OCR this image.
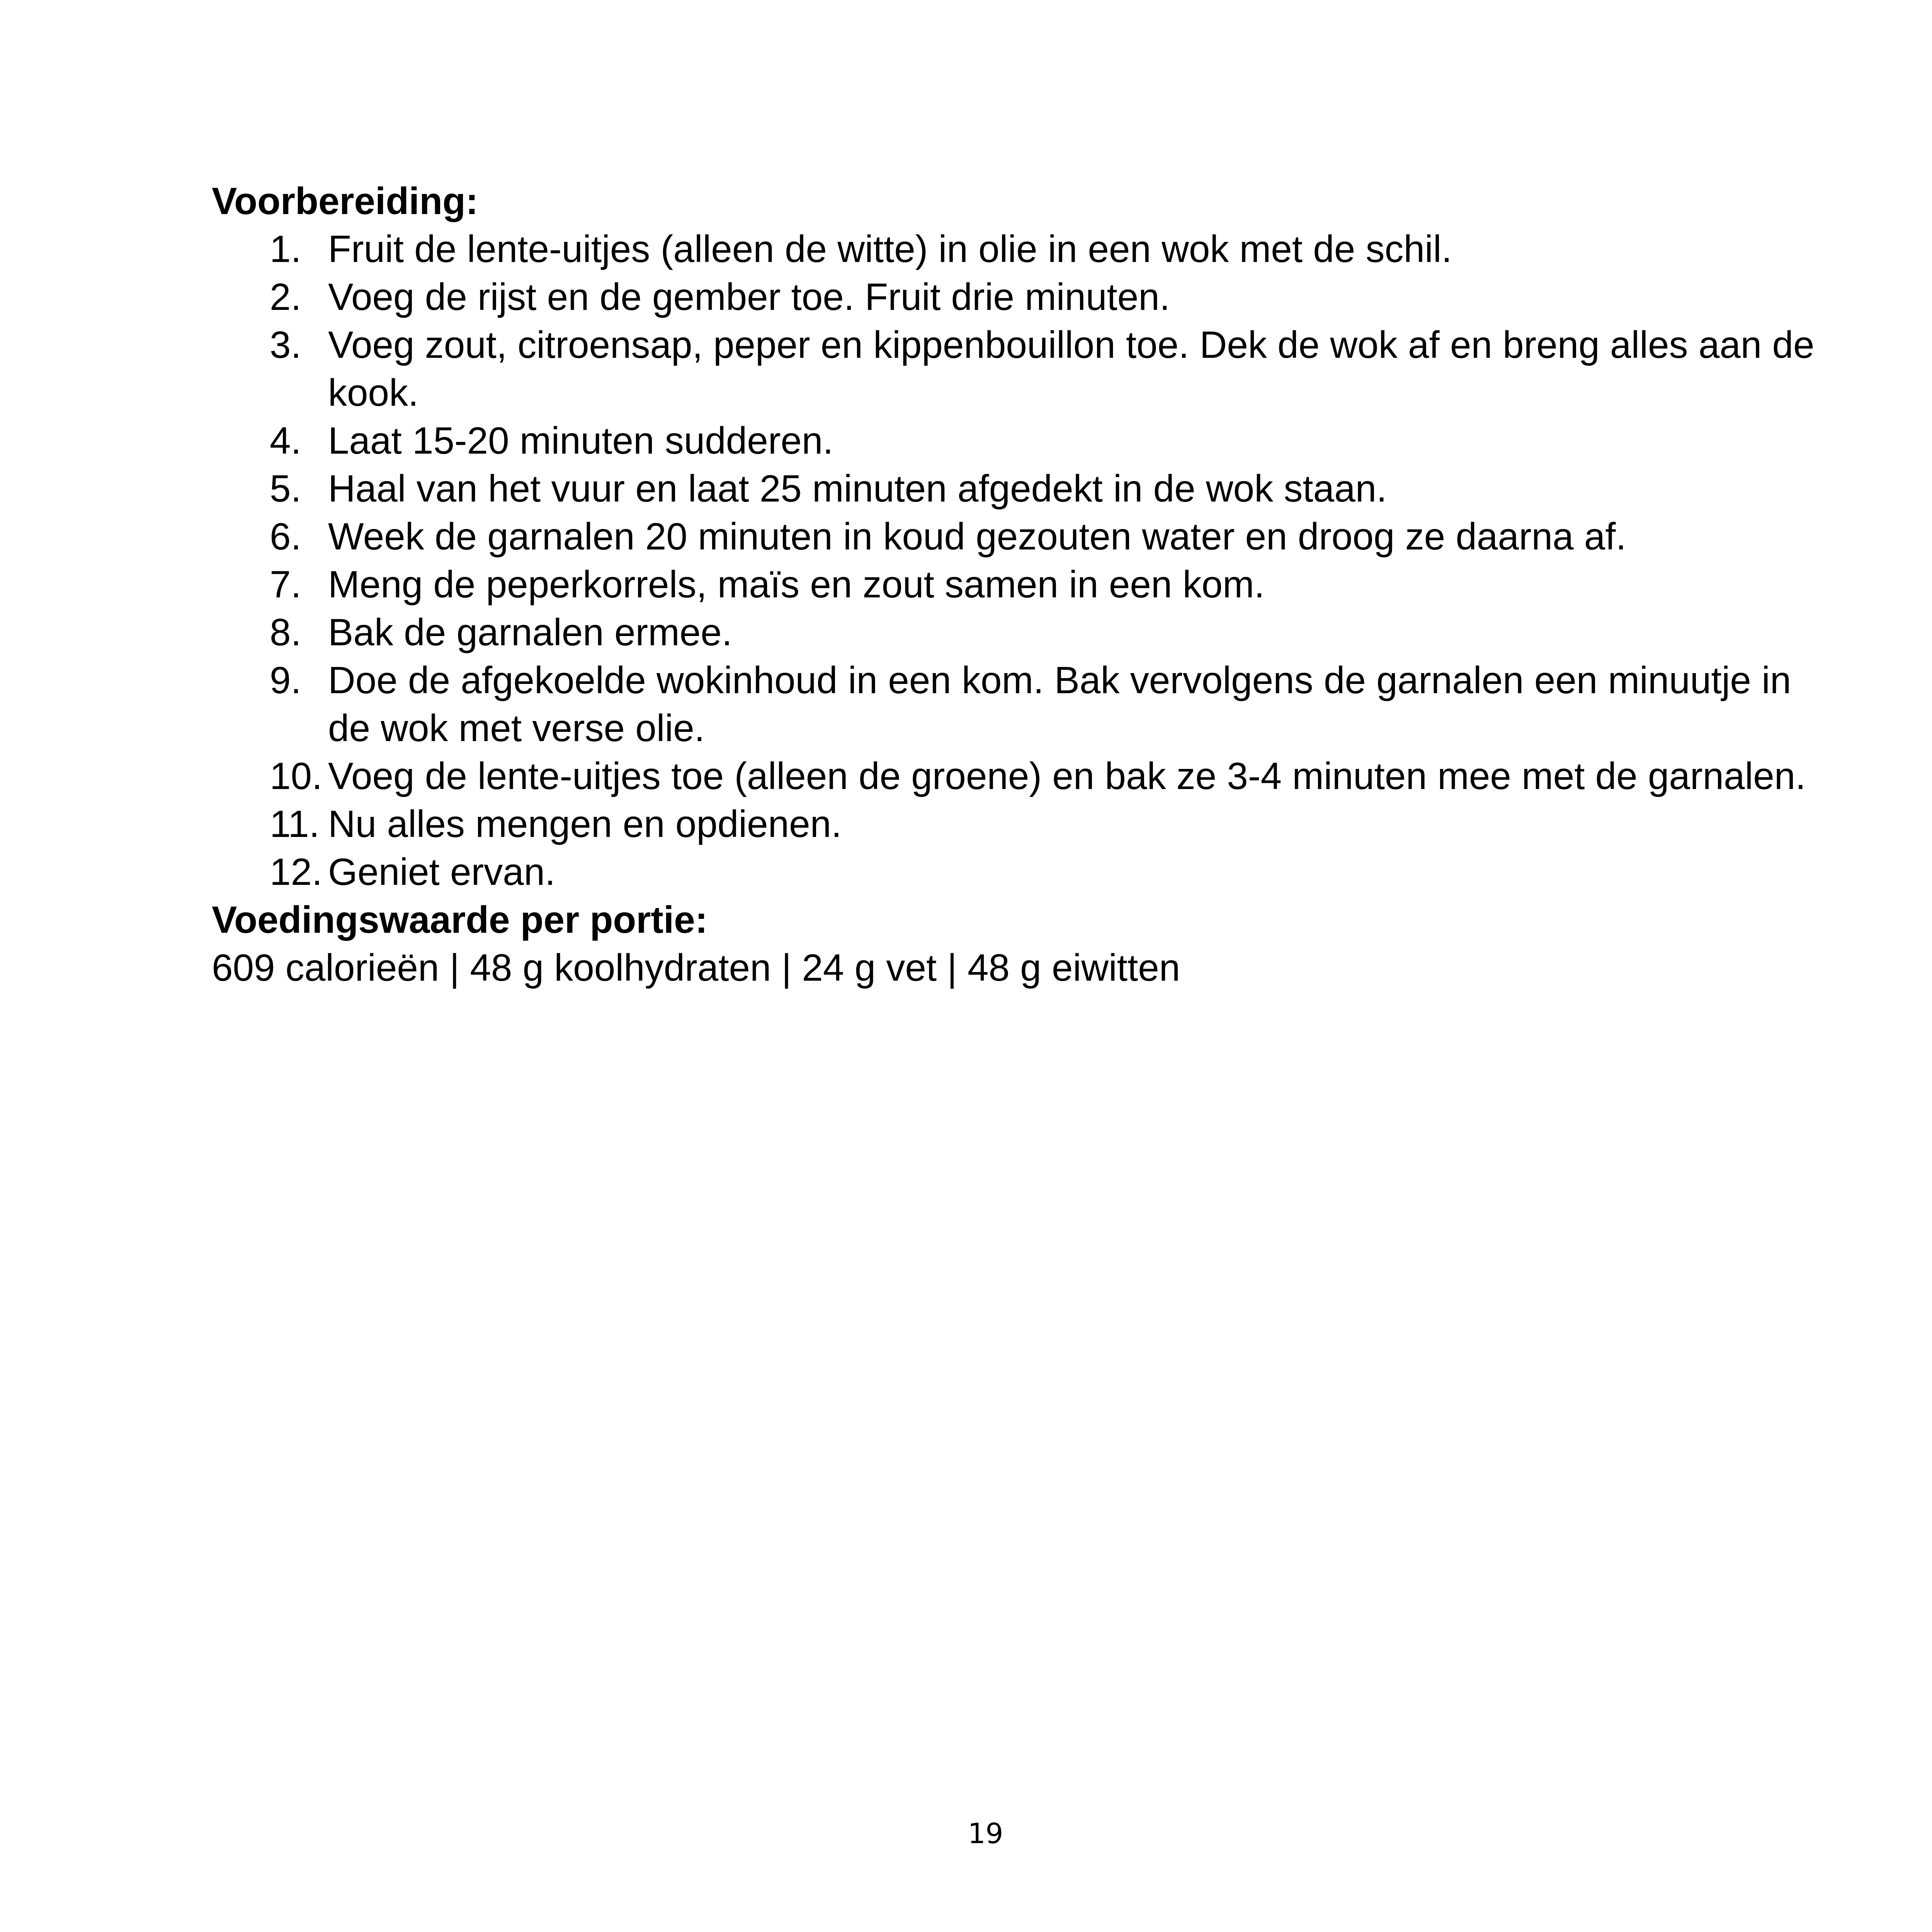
Voorbereiding:

1. Fruit de lente-uitjes (alleen de witte) in olie in een wok met de schil.
2. Voeg de rijst en de gember toe. Fruit drie minuten.
3. Voeg zout, citroensap, peper en kippenbouillon toe. Dek de wok af en breng alles aan de kook.
4. Laat 15-20 minuten sudderen.
5. Haal van het vuur en laat 25 minuten afgedekt in de wok staan.
6. Week de garnalen 20 minuten in koud gezouten water en droog ze daarna af.
7. Meng de peperkorrels, maïs en zout samen in een kom.
8. Bak de garnalen ermee.
9. Doe de afgekoelde wokinhoud in een kom. Bak vervolgens de garnalen een minuutje in de wok met verse olie.
10. Voeg de lente-uitjes toe (alleen de groene) en bak ze 3-4 minuten mee met de garnalen.
11. Nu alles mengen en opdienen.
12. Geniet ervan.

Voedingswaarde per portie:

609 calorieën | 48 g koolhydraten | 24 g vet | 48 g eiwitten

19
